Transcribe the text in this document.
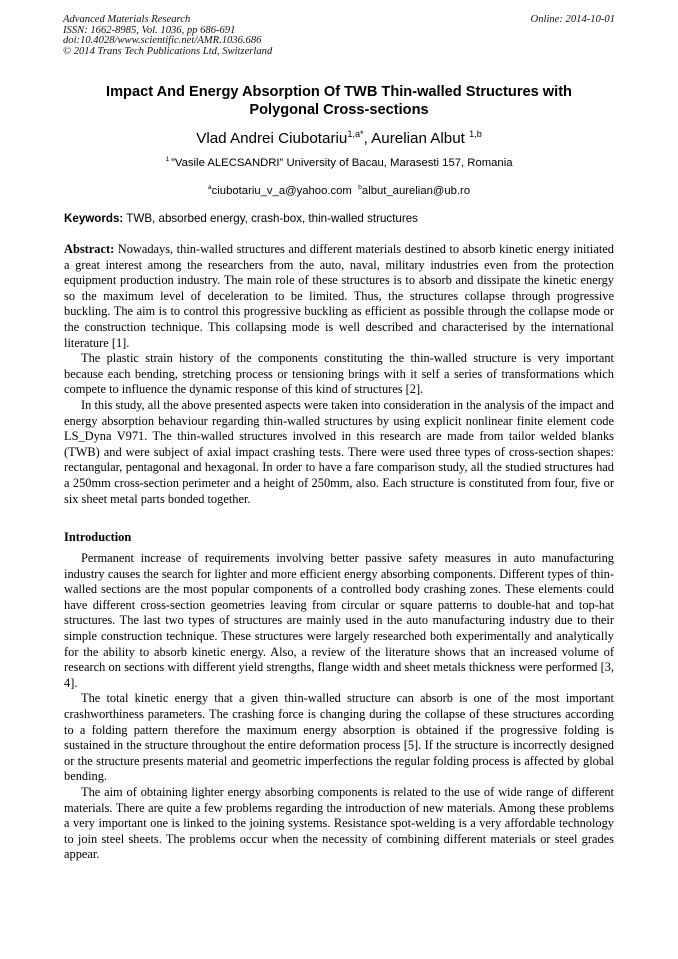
Advanced Materials Research
ISSN: 1662-8985, Vol. 1036, pp 686-691
doi:10.4028/www.scientific.net/AMR.1036.686
© 2014 Trans Tech Publications Ltd, Switzerland
Online: 2014-10-01
Impact And Energy Absorption Of TWB Thin-walled Structures with
Polygonal Cross-sections
Vlad Andrei Ciubotariu$^{1,a*}$, Aurelian Albut $^{1,b}$
$^1$ ”Vasile ALECSANDRI” University of Bacau, Marasesti 157, Romania
$^a$ciubotariu_v_a@yahoo.com $^b$albut_aurelian@ub.ro
Keywords: TWB, absorbed energy, crash-box, thin-walled structures

Abstract: Nowadays, thin-walled structures and different materials destined to absorb kinetic energy initiated a great interest among the researchers from the auto, naval, military industries even from the protection equipment production industry. The main role of these structures is to absorb and dissipate the kinetic energy so the maximum level of deceleration to be limited. Thus, the structures collapse through progressive buckling. The aim is to control this progressive buckling as efficient as possible through the collapse mode or the construction technique. This collapsing mode is well described and characterised by the international literature [1].

The plastic strain history of the components constituting the thin-walled structure is very important because each bending, stretching process or tensioning brings with it self a series of transformations which compete to influence the dynamic response of this kind of structures [2].

In this study, all the above presented aspects were taken into consideration in the analysis of the impact and energy absorption behaviour regarding thin-walled structures by using explicit nonlinear finite element code LS_Dyna V971. The thin-walled structures involved in this research are made from tailor welded blanks (TWB) and were subject of axial impact crashing tests. There were used three types of cross-section shapes: rectangular, pentagonal and hexagonal. In order to have a fare comparison study, all the studied structures had a 250mm cross-section perimeter and a height of 250mm, also. Each structure is constituted from four, five or six sheet metal parts bonded together.

Introduction

Permanent increase of requirements involving better passive safety measures in auto manufacturing industry causes the search for lighter and more efficient energy absorbing components. Different types of thin-walled sections are the most popular components of a controlled body crashing zones. These elements could have different cross-section geometries leaving from circular or square patterns to double-hat and top-hat structures. The last two types of structures are mainly used in the auto manufacturing industry due to their simple construction technique. These structures were largely researched both experimentally and analytically for the ability to absorb kinetic energy. Also, a review of the literature shows that an increased volume of research on sections with different yield strengths, flange width and sheet metals thickness were performed [3, 4].

The total kinetic energy that a given thin-walled structure can absorb is one of the most important crashworthiness parameters. The crashing force is changing during the collapse of these structures according to a folding pattern therefore the maximum energy absorption is obtained if the progressive folding is sustained in the structure throughout the entire deformation process [5]. If the structure is incorrectly designed or the structure presents material and geometric imperfections the regular folding process is affected by global bending.

The aim of obtaining lighter energy absorbing components is related to the use of wide range of different materials. There are quite a few problems regarding the introduction of new materials. Among these problems a very important one is linked to the joining systems. Resistance spot-welding is a very affordable technology to join steel sheets. The problems occur when the necessity of combining different materials or steel grades appear.
